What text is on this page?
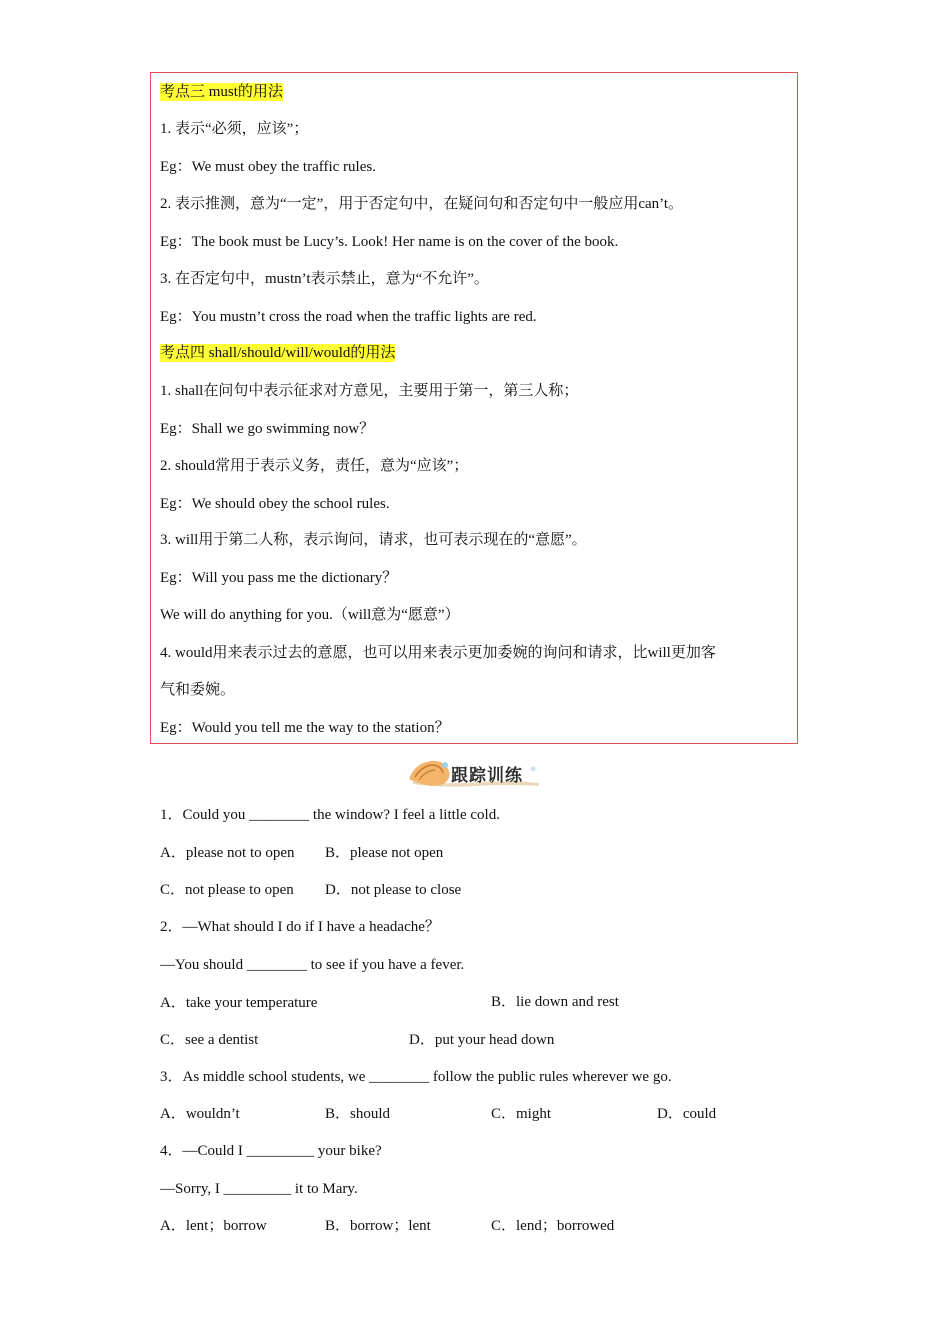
考点三 must的用法
1. 表示“必须，应该”；
Eg：We must obey the traffic rules.
2. 表示推测，意为“一定”，用于否定句中，在疑问句和否定句中一般应用can’t。
Eg：The book must be Lucy’s. Look! Her name is on the cover of the book.
3. 在否定句中，mustn’t表示禁止，意为“不允许”。
Eg：You mustn’t cross the road when the traffic lights are red.
考点四 shall/should/will/would的用法
1. shall在问句中表示征求对方意见，主要用于第一，第三人称；
Eg：Shall we go swimming now？
2. should常用于表示义务，责任，意为“应该”；
Eg：We should obey the school rules.
3. will用于第二人称，表示询问，请求，也可表示现在的“意愿”。
Eg：Will you pass me the dictionary？
We will do anything for you.（will意为“愿意”）
4. would用来表示过去的意愿，也可以用来表示更加委婉的询问和请求，比will更加客
气和委婉。
Eg：Would you tell me the way to the station？
跟踪训练
1．Could you ________ the window? I feel a little cold.
A．please not to open B．please not open
C．not please to open D．not please to close
2．—What should I do if I have a headache？
—You should ________ to see if you have a fever.
A．take your temperature	B．lie down and rest
C．see a dentist	D．put your head down
3．As middle school students, we ________ follow the public rules wherever we go.
A．wouldn’t	B．should	C．might	D．could
4．—Could I _________ your bike?
—Sorry, I _________ it to Mary.
A．lent；borrow	B．borrow；lent	C．lend；borrowed
